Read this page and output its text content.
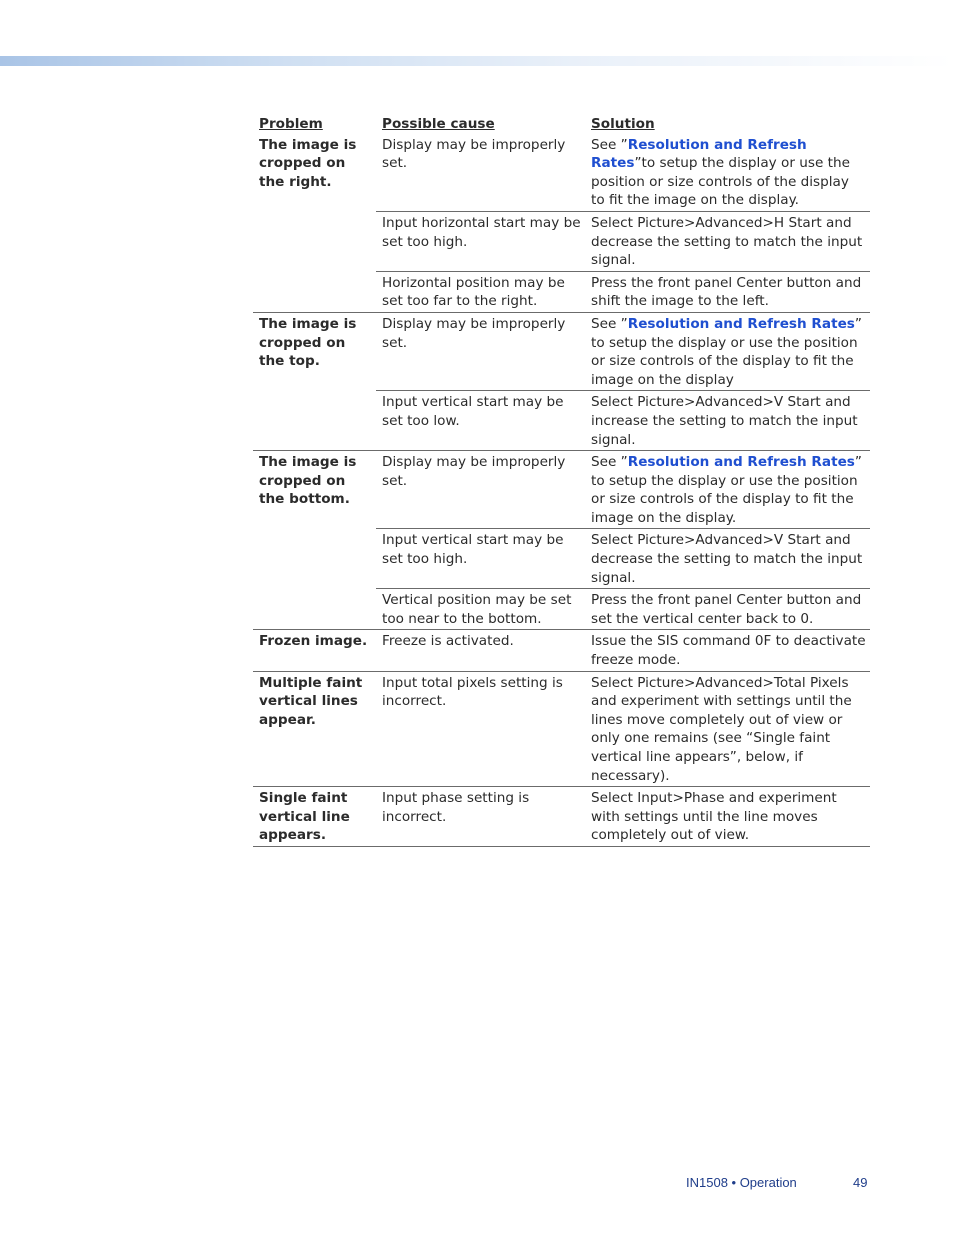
Problem	Possible cause	Solution
The image is cropped on the right.	Display may be improperly set.	See ”Resolution and Refresh Rates”to setup the display or use the position or size controls of the display to fit the image on the display.
	Input horizontal start may be set too high.	Select Picture>Advanced>H Start and decrease the setting to match the input signal.
	Horizontal position may be set too far to the right.	Press the front panel Center button and shift the image to the left.
The image is cropped on the top.	Display may be improperly set.	See ”Resolution and Refresh Rates” to setup the display or use the position or size controls of the display to fit the image on the display
	Input vertical start may be set too low.	Select Picture>Advanced>V Start and increase the setting to match the input signal.
The image is cropped on the bottom.	Display may be improperly set.	See ”Resolution and Refresh Rates” to setup the display or use the position or size controls of the display to fit the image on the display.
	Input vertical start may be set too high.	Select Picture>Advanced>V Start and decrease the setting to match the input signal.
	Vertical position may be set too near to the bottom.	Press the front panel Center button and set the vertical center back to 0.
Frozen image.	Freeze is activated.	Issue the SIS command 0F to deactivate freeze mode.
Multiple faint vertical lines appear.	Input total pixels setting is incorrect.	Select Picture>Advanced>Total Pixels and experiment with settings until the lines move completely out of view or only one remains (see “Single faint vertical line appears”, below, if necessary).
Single faint vertical line appears.	Input phase setting is incorrect.	Select Input>Phase and experiment with settings until the line moves completely out of view.
IN1508 • Operation	49
